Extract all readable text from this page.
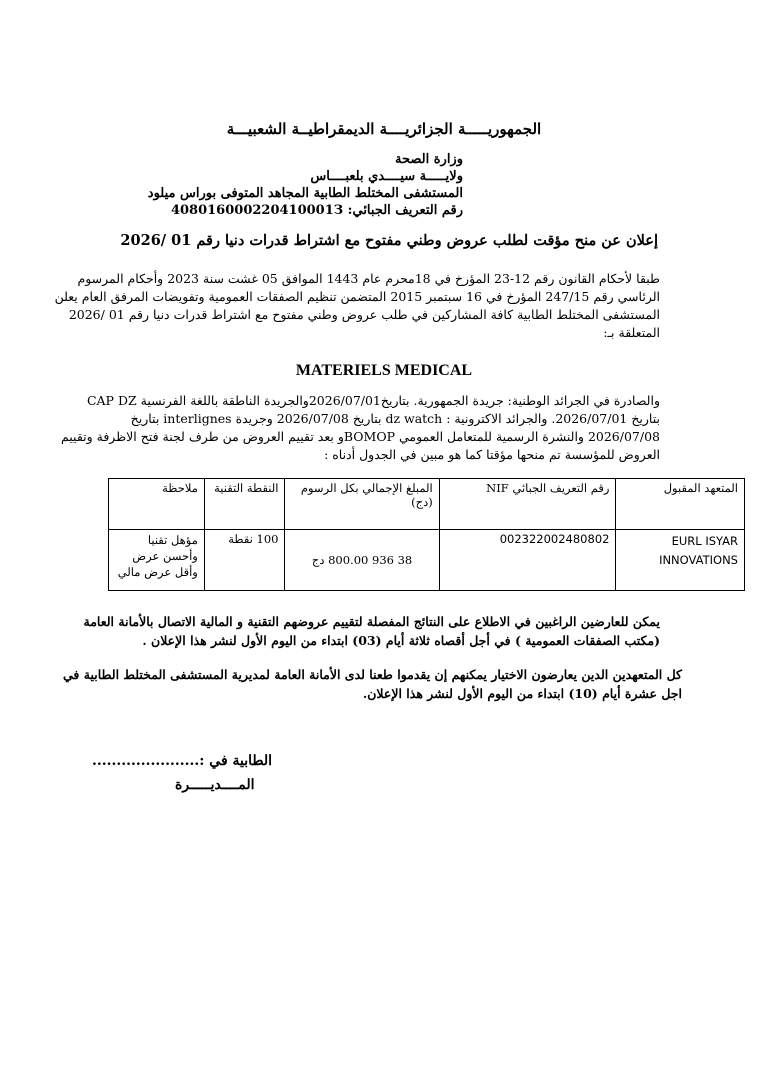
الجمهوريـــــة الجزائريــــة الديمقراطيــة الشعبيـــة
وزارة الصحة
ولايـــــة سيــــدي بلعبــــاس
المستشفى المختلط الطابية المجاهد المتوفى بوراس ميلود
رقم التعريف الجبائي: 408016000220410001З
إعلان عن منح مؤقت لطلب عروض وطني مفتوح مع اشتراط قدرات دنيا رقم 01 /2026
طبقا لأحكام القانون رقم 12-23 المؤرخ في 18محرم عام 1443 الموافق 05 غشت سنة 2023 وأحكام المرسوم
الرئاسي رقم 247/15 المؤرخ في 16 سبتمبر 2015 المتضمن تنظيم الصفقات العمومية وتفويضات المرفق العام يعلن
المستشفى المختلط الطابية كافة المشاركين في طلب عروض وطني مفتوح مع اشتراط قدرات دنيا رقم 01 /2026
المتعلقة بـ:
MATERIELS MEDICAL
والصادرة في الجرائد الوطنية: جريدة الجمهورية. بتاريخ2026/07/01والجريدة الناطقة باللغة الفرنسية CAP DZ
بتاريخ 2026/07/01. والجرائد الاكترونية : dz watch بتاريخ 2026/07/08 وجريدة interlignes بتاريخ
2026/07/08 والنشرة الرسمية للمتعامل العمومي BOMOPو بعد تقييم العروض من طرف لجنة فتح الاظرفة وتقييم
العروض للمؤسسة تم منحها مؤقتا كما هو مبين في الجدول أدناه :
المتعهد المقبول	رقم التعريف الجبائي NIF	المبلغ الإجمالي بكل الرسوم (دج)	النقطة التقنية	ملاحظة
EURL ISYAR INNOVATIONS	002322002480802	38 936 800.00 دج	100 نقطة	مؤهل تقنيا وأحسن عرض وأقل عرض مالي
يمكن للعارضين الراغبين في الاطلاع على النتائج المفصلة لتقييم عروضهم التقنية و المالية الاتصال بالأمانة العامة
(مكتب الصفقات العمومية ) في أجل أقصاه ثلاثة أيام (03) ابتداء من اليوم الأول لنشر هذا الإعلان .
كل المتعهدين الدين يعارضون الاختيار يمكنهم إن يقدموا طعنا لدى الأمانة العامة لمديرية المستشفى المختلط الطابية في
اجل عشرة أيام (10) ابتداء من اليوم الأول لنشر هذا الإعلان.
الطابية في :......................
المــــديـــــرة
